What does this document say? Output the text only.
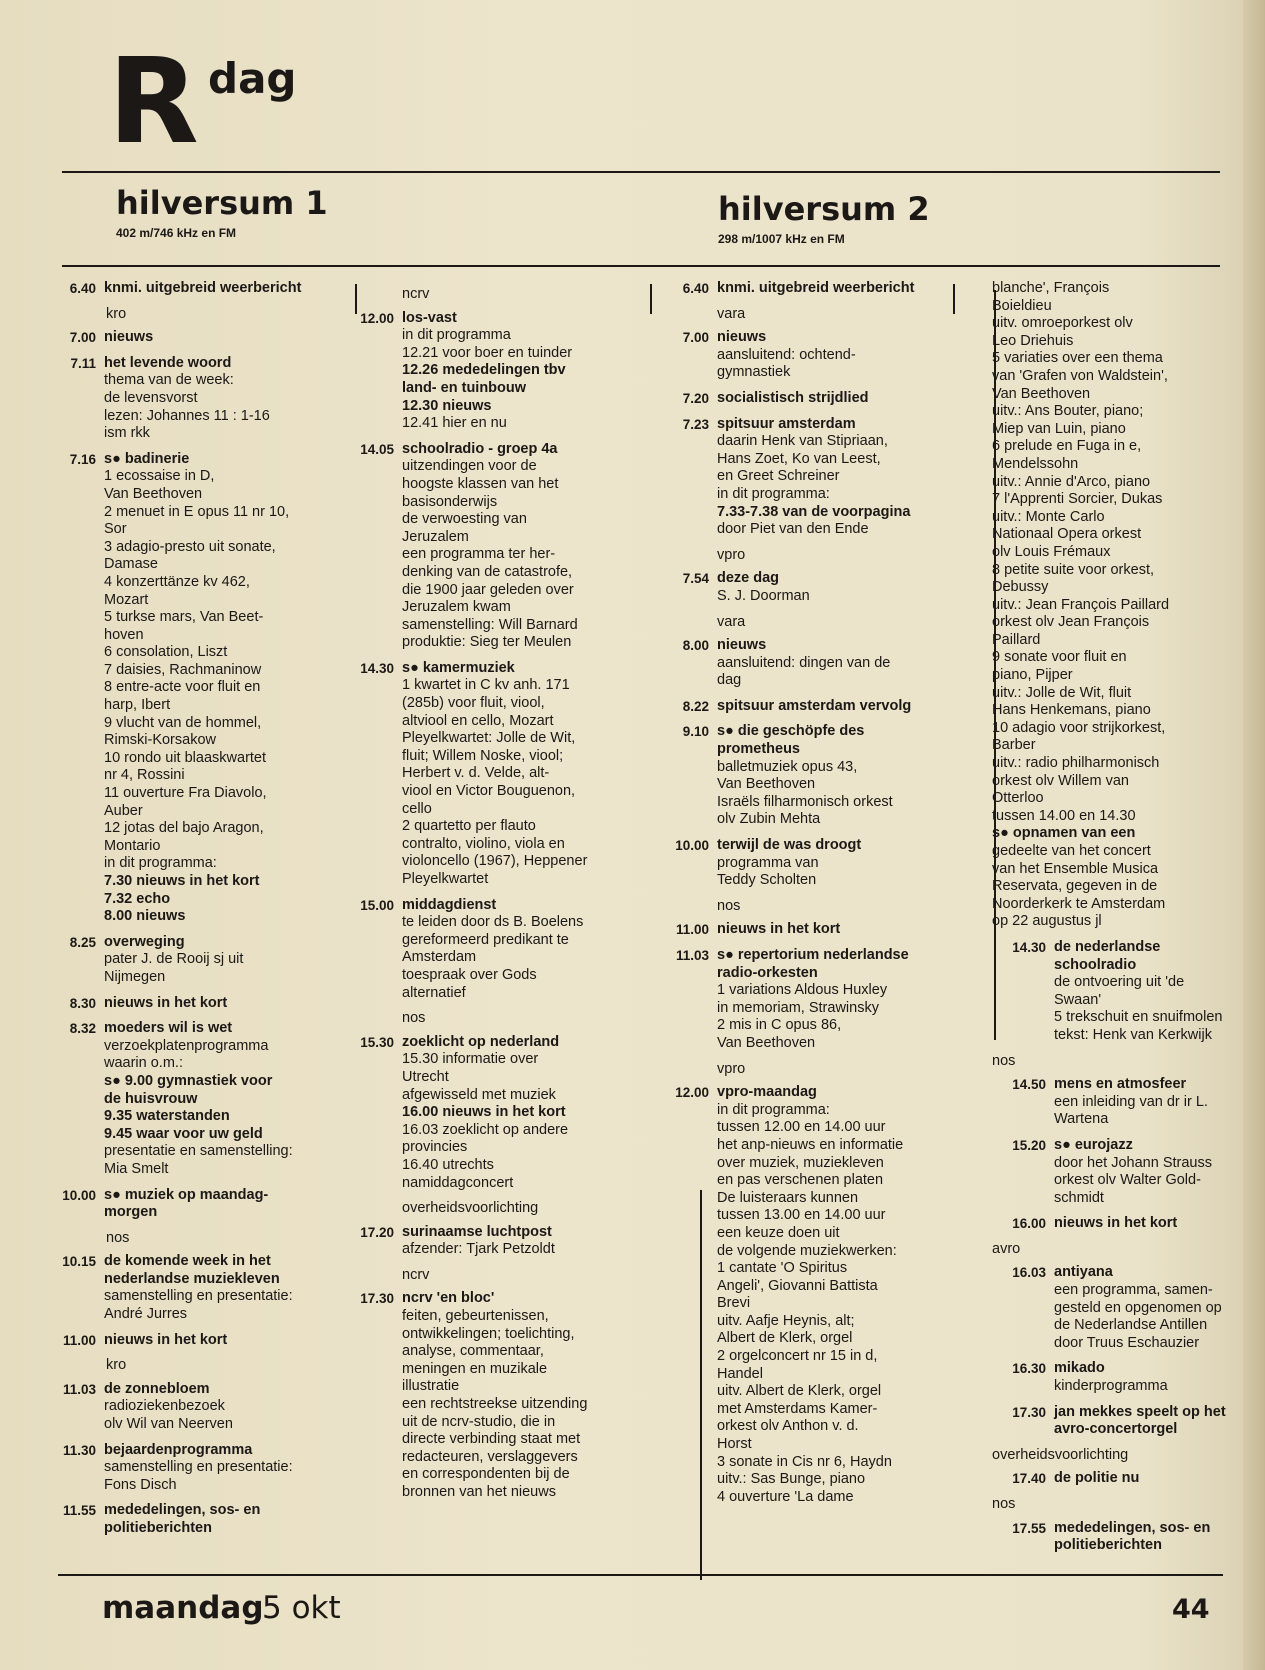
R dag
hilversum 1
402 m/746 kHz en FM
hilversum 2
298 m/1007 kHz en FM
6.40 knmi. uitgebreid weerbericht
kro
7.00 nieuws
7.11 het levende woord
thema van de week:
de levensvorst
lezen: Johannes 11 : 1-16
ism rkk
7.16 s● badinerie
1 ecossaise in D,
Van Beethoven
2 menuet in E opus 11 nr 10,
Sor
3 adagio-presto uit sonate,
Damase
4 konzerttänze kv 462,
Mozart
5 turkse mars, Van Beet-
hoven
6 consolation, Liszt
7 daisies, Rachmaninow
8 entre-acte voor fluit en
harp, Ibert
9 vlucht van de hommel,
Rimski-Korsakow
10 rondo uit blaaskwartet
nr 4, Rossini
11 ouverture Fra Diavolo,
Auber
12 jotas del bajo Aragon,
Montario
in dit programma:
7.30 nieuws in het kort
7.32 echo
8.00 nieuws
8.25 overweging
pater J. de Rooij sj uit
Nijmegen
8.30 nieuws in het kort
8.32 moeders wil is wet
verzoekplatenprogramma
waarin o.m.:
s● 9.00 gymnastiek voor
de huisvrouw
9.35 waterstanden
9.45 waar voor uw geld
presentatie en samenstelling:
Mia Smelt
10.00 s● muziek op maandag-
morgen
nos
10.15 de komende week in het
nederlandse muziekleven
samenstelling en presentatie:
André Jurres
11.00 nieuws in het kort
kro
11.03 de zonnebloem
radioziekenbezoek
olv Wil van Neerven
11.30 bejaardenprogramma
samenstelling en presentatie:
Fons Disch
11.55 mededelingen, sos- en
politieberichten
ncrv
12.00 los-vast
in dit programma
12.21 voor boer en tuinder
12.26 mededelingen tbv
land- en tuinbouw
12.30 nieuws
12.41 hier en nu
14.05 schoolradio - groep 4a
uitzendingen voor de
hoogste klassen van het
basisonderwijs
de verwoesting van
Jeruzalem
een programma ter her-
denking van de catastrofe,
die 1900 jaar geleden over
Jeruzalem kwam
samenstelling: Will Barnard
produktie: Sieg ter Meulen
14.30 s● kamermuziek
1 kwartet in C kv anh. 171
(285b) voor fluit, viool,
altviool en cello, Mozart
Pleyelkwartet: Jolle de Wit,
fluit; Willem Noske, viool;
Herbert v. d. Velde, alt-
viool en Victor Bouguenon,
cello
2 quartetto per flauto
contralto, violino, viola en
violoncello (1967), Heppener
Pleyelkwartet
15.00 middagdienst
te leiden door ds B. Boelens
gereformeerd predikant te
Amsterdam
toespraak over Gods
alternatief
nos
15.30 zoeklicht op nederland
15.30 informatie over
Utrecht
afgewisseld met muziek
16.00 nieuws in het kort
16.03 zoeklicht op andere
provincies
16.40 utrechts
namiddagconcert
overheidsvoorlichting
17.20 surinaamse luchtpost
afzender: Tjark Petzoldt
ncrv
17.30 ncrv 'en bloc'
feiten, gebeurtenissen,
ontwikkelingen; toelichting,
analyse, commentaar,
meningen en muzikale
illustratie
een rechtstreekse uitzending
uit de ncrv-studio, die in
directe verbinding staat met
redacteuren, verslaggevers
en correspondenten bij de
bronnen van het nieuws
6.40 knmi. uitgebreid weerbericht
vara
7.00 nieuws
aansluitend: ochtend-
gymnastiek
7.20 socialistisch strijdlied
7.23 spitsuur amsterdam
daarin Henk van Stipriaan,
Hans Zoet, Ko van Leest,
en Greet Schreiner
in dit programma:
7.33-7.38 van de voorpagina
door Piet van den Ende
vpro
7.54 deze dag
S. J. Doorman
vara
8.00 nieuws
aansluitend: dingen van de
dag
8.22 spitsuur amsterdam vervolg
9.10 s● die geschöpfe des
prometheus
balletmuziek opus 43,
Van Beethoven
Israëls filharmonisch orkest
olv Zubin Mehta
10.00 terwijl de was droogt
programma van
Teddy Scholten
nos
11.00 nieuws in het kort
11.03 s● repertorium nederlandse
radio-orkesten
1 variations Aldous Huxley
in memoriam, Strawinsky
2 mis in C opus 86,
Van Beethoven
vpro
12.00 vpro-maandag
in dit programma:
tussen 12.00 en 14.00 uur
het anp-nieuws en informatie
over muziek, muziekleven
en pas verschenen platen
De luisteraars kunnen
tussen 13.00 en 14.00 uur
een keuze doen uit
de volgende muziekwerken:
1 cantate 'O Spiritus
Angeli', Giovanni Battista
Brevi
uitv. Aafje Heynis, alt;
Albert de Klerk, orgel
2 orgelconcert nr 15 in d,
Handel
uitv. Albert de Klerk, orgel
met Amsterdams Kamer-
orkest olv Anthon v. d.
Horst
3 sonate in Cis nr 6, Haydn
uitv.: Sas Bunge, piano
4 ouverture 'La dame
blanche', François
Boieldieu
uitv. omroeporkest olv
Leo Driehuis
5 variaties over een thema
van 'Grafen von Waldstein',
Van Beethoven
uitv.: Ans Bouter, piano;
Miep van Luin, piano
6 prelude en Fuga in e,
Mendelssohn
uitv.: Annie d'Arco, piano
7 l'Apprenti Sorcier, Dukas
uitv.: Monte Carlo
Nationaal Opera orkest
olv Louis Frémaux
8 petite suite voor orkest,
Debussy
uitv.: Jean François Paillard
orkest olv Jean François
Paillard
9 sonate voor fluit en
piano, Pijper
uitv.: Jolle de Wit, fluit
Hans Henkemans, piano
10 adagio voor strijkorkest,
Barber
uitv.: radio philharmonisch
orkest olv Willem van
Otterloo
tussen 14.00 en 14.30
s● opnamen van een
gedeelte van het concert
van het Ensemble Musica
Reservata, gegeven in de
Noorderkerk te Amsterdam
op 22 augustus jl
14.30 de nederlandse schoolradio
de ontvoering uit 'de
Swaan'
5 trekschuit en snuifmolen
tekst: Henk van Kerkwijk
nos
14.50 mens en atmosfeer
een inleiding van dr ir L.
Wartena
15.20 s● eurojazz
door het Johann Strauss
orkest olv Walter Gold-
schmidt
16.00 nieuws in het kort
avro
16.03 antiyana
een programma, samen-
gesteld en opgenomen op
de Nederlandse Antillen
door Truus Eschauzier
16.30 mikado
kinderprogramma
17.30 jan mekkes speelt op het
avro-concertorgel
overheidsvoorlichting
17.40 de politie nu
nos
17.55 mededelingen, sos- en
politieberichten
maandag
5 okt	44
